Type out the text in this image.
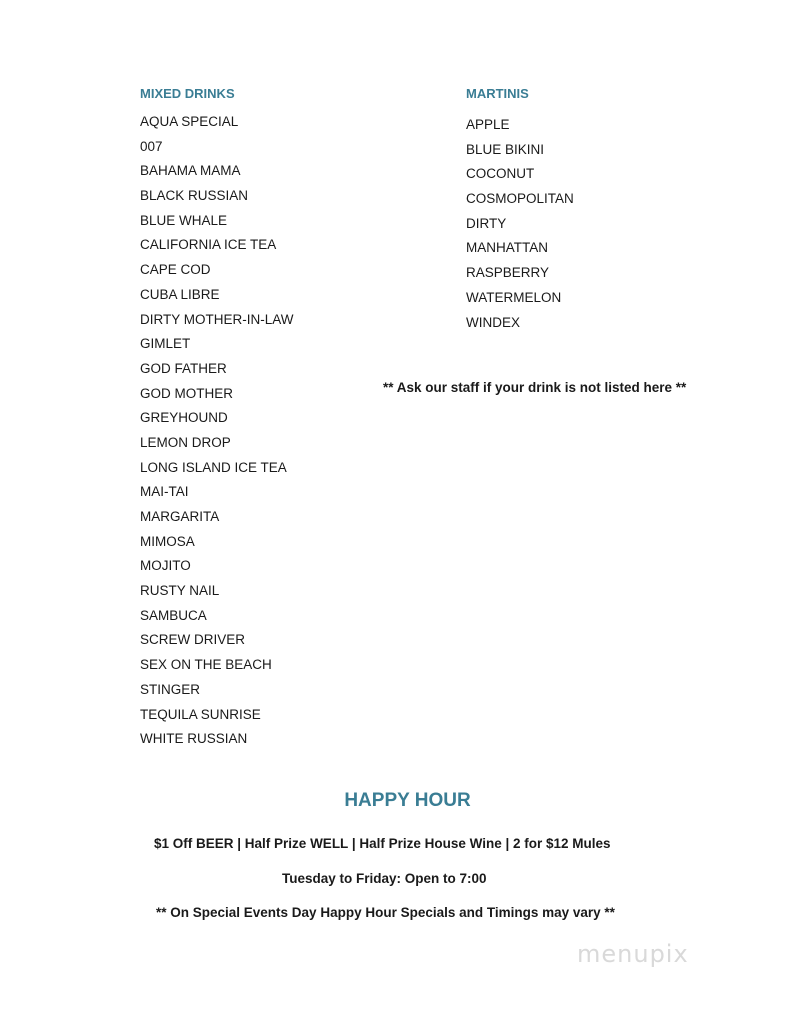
MIXED DRINKS
AQUA SPECIAL
007
BAHAMA MAMA
BLACK RUSSIAN
BLUE WHALE
CALIFORNIA ICE TEA
CAPE COD
CUBA LIBRE
DIRTY MOTHER-IN-LAW
GIMLET
GOD FATHER
GOD MOTHER
GREYHOUND
LEMON DROP
LONG ISLAND ICE TEA
MAI-TAI
MARGARITA
MIMOSA
MOJITO
RUSTY NAIL
SAMBUCA
SCREW DRIVER
SEX ON THE BEACH
STINGER
TEQUILA SUNRISE
WHITE RUSSIAN
MARTINIS
APPLE
BLUE BIKINI
COCONUT
COSMOPOLITAN
DIRTY
MANHATTAN
RASPBERRY
WATERMELON
WINDEX
** Ask our staff if your drink is not listed here **
HAPPY HOUR
$1 Off BEER | Half Prize WELL | Half Prize House Wine | 2 for $12 Mules
Tuesday to Friday: Open to 7:00
** On Special Events Day Happy Hour Specials and Timings may vary **
menupix
